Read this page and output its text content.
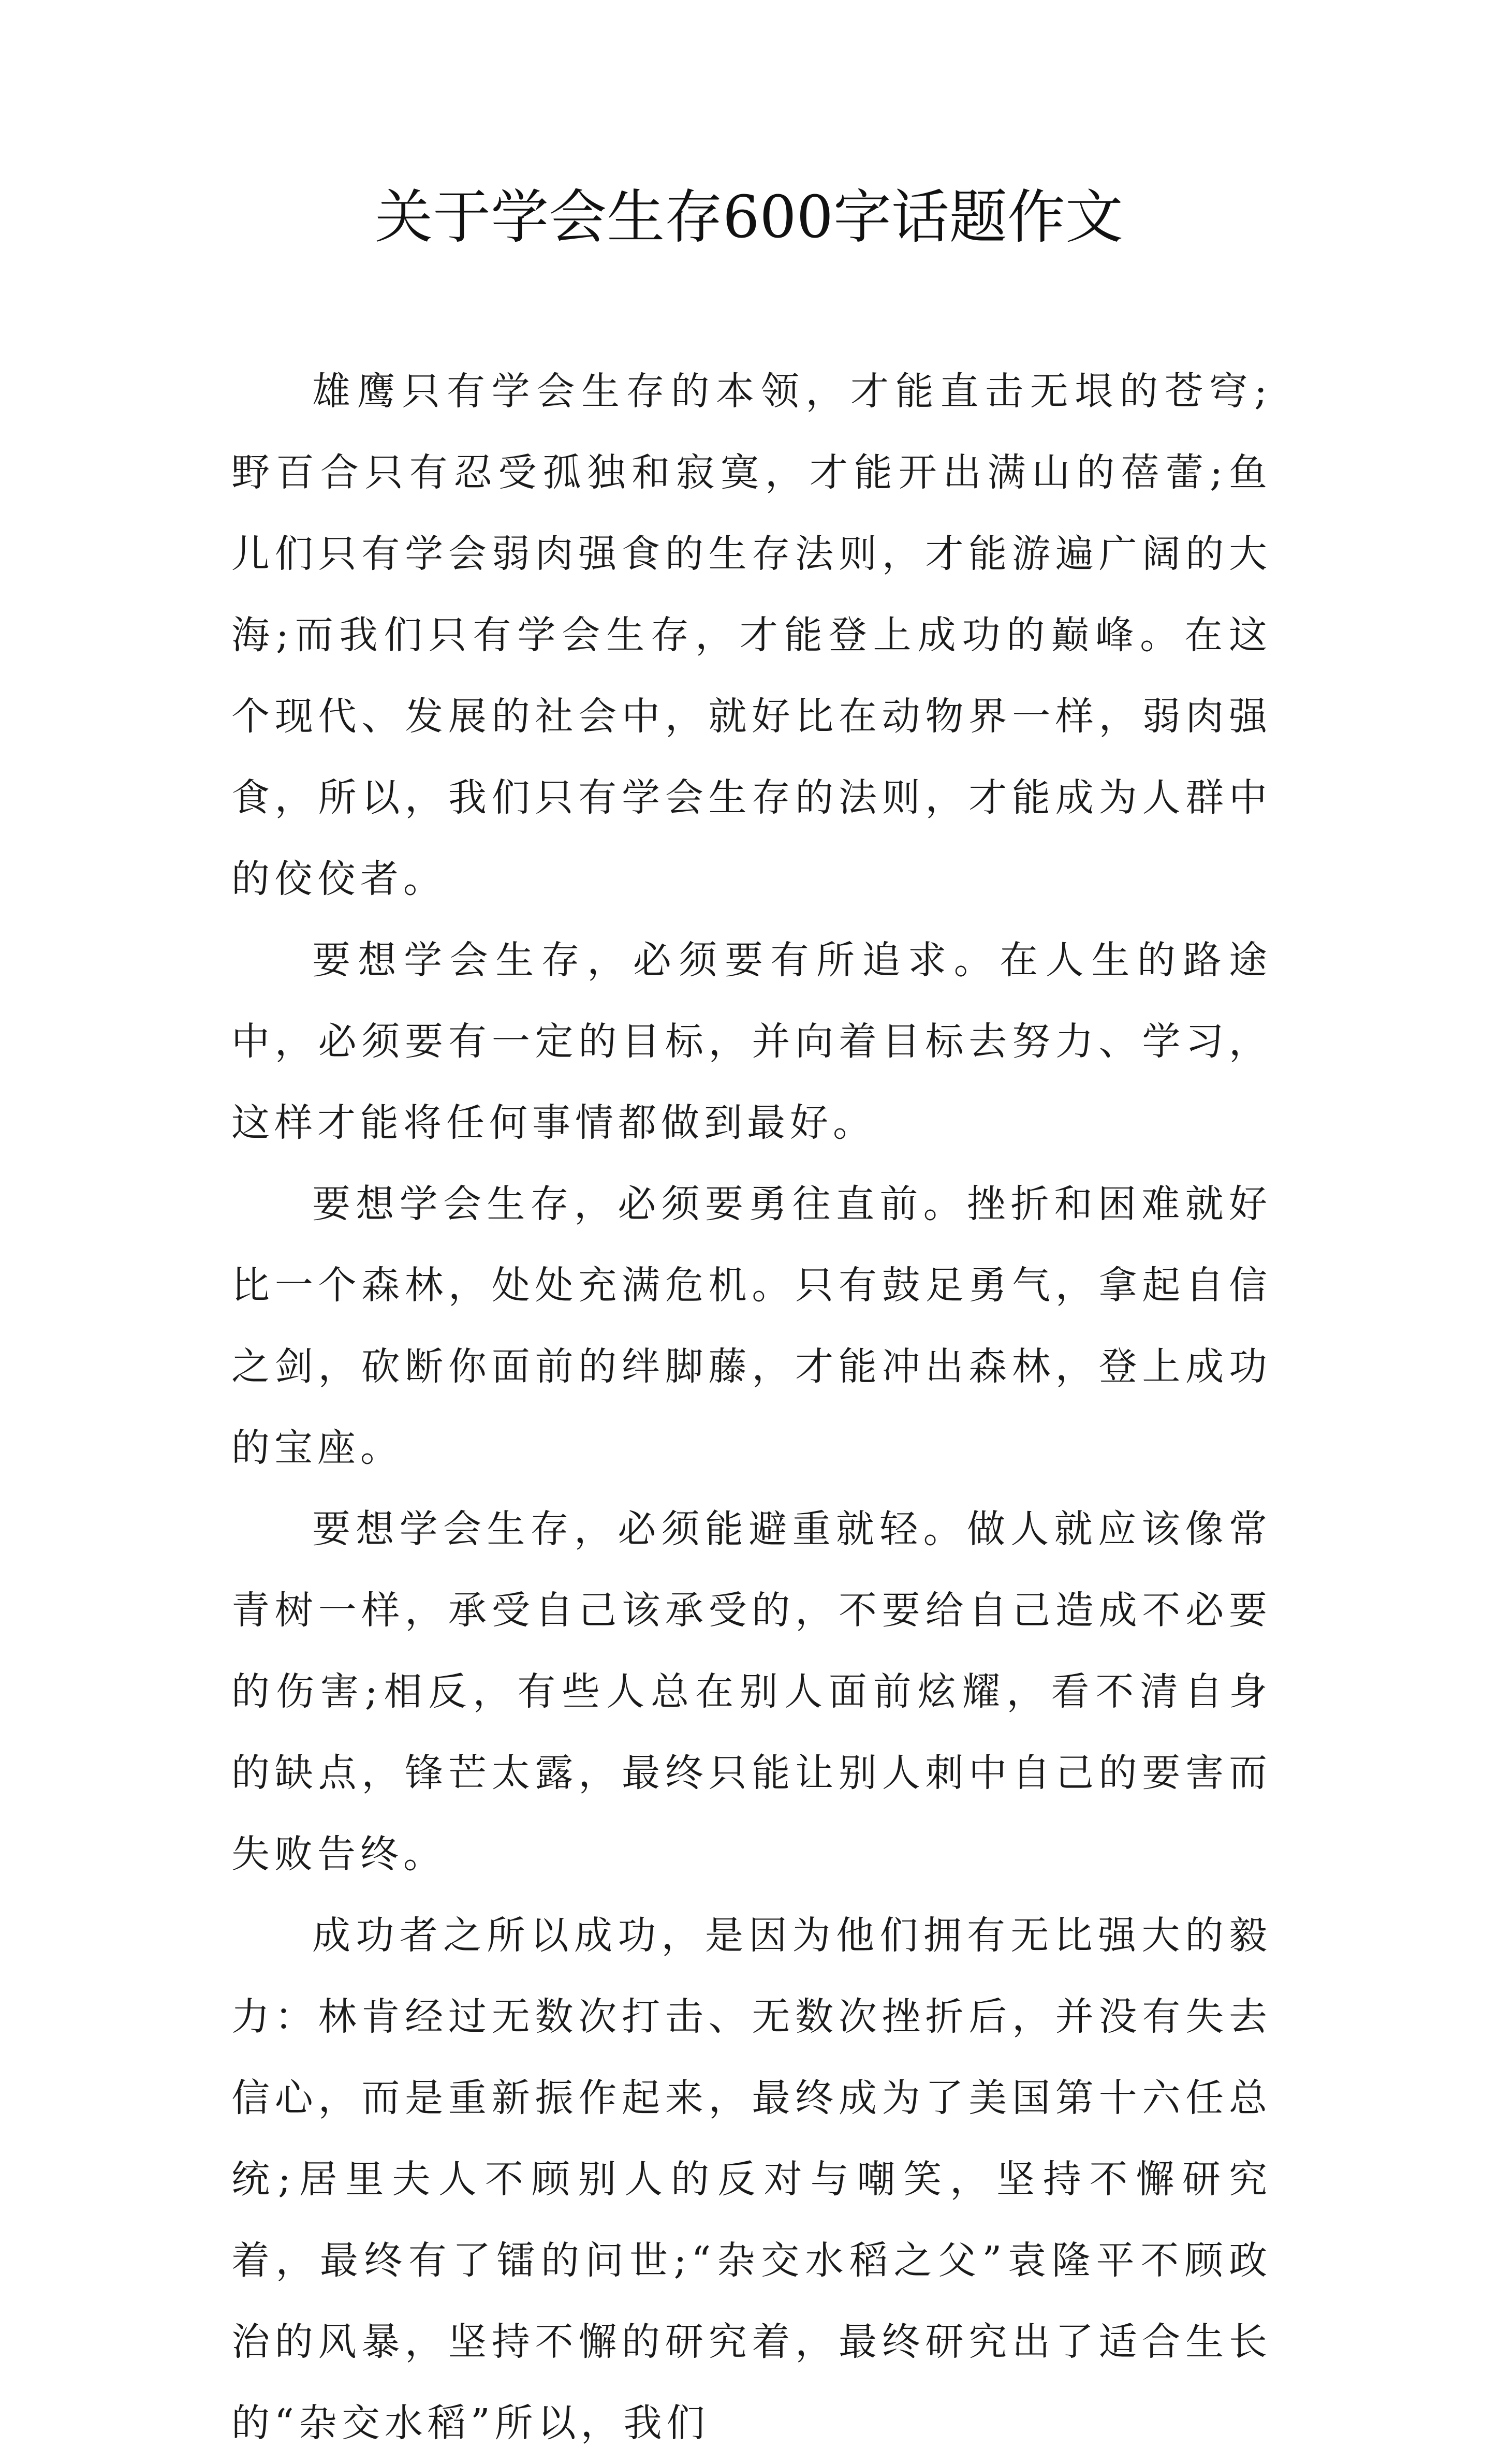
关于学会生存600字话题作文

雄鹰只有学会生存的本领，才能直击无垠的苍穹;野百合只有忍受孤独和寂寞，才能开出满山的蓓蕾;鱼儿们只有学会弱肉强食的生存法则，才能游遍广阔的大海;而我们只有学会生存，才能登上成功的巅峰。在这个现代、发展的社会中，就好比在动物界一样，弱肉强食，所以，我们只有学会生存的法则，才能成为人群中的佼佼者。

要想学会生存，必须要有所追求。在人生的路途中，必须要有一定的目标，并向着目标去努力、学习，这样才能将任何事情都做到最好。

要想学会生存，必须要勇往直前。挫折和困难就好比一个森林，处处充满危机。只有鼓足勇气，拿起自信之剑，砍断你面前的绊脚藤，才能冲出森林，登上成功的宝座。

要想学会生存，必须能避重就轻。做人就应该像常青树一样，承受自己该承受的，不要给自己造成不必要的伤害;相反，有些人总在别人面前炫耀，看不清自身的缺点，锋芒太露，最终只能让别人刺中自己的要害而失败告终。

成功者之所以成功，是因为他们拥有无比强大的毅力：林肯经过无数次打击、无数次挫折后，并没有失去信心，而是重新振作起来，最终成为了美国第十六任总统;居里夫人不顾别人的反对与嘲笑，坚持不懈研究着，最终有了镭的问世;“杂交水稻之父”袁隆平不顾政治的风暴，坚持不懈的研究着，最终研究出了适合生长的“杂交水稻”所以，我们
